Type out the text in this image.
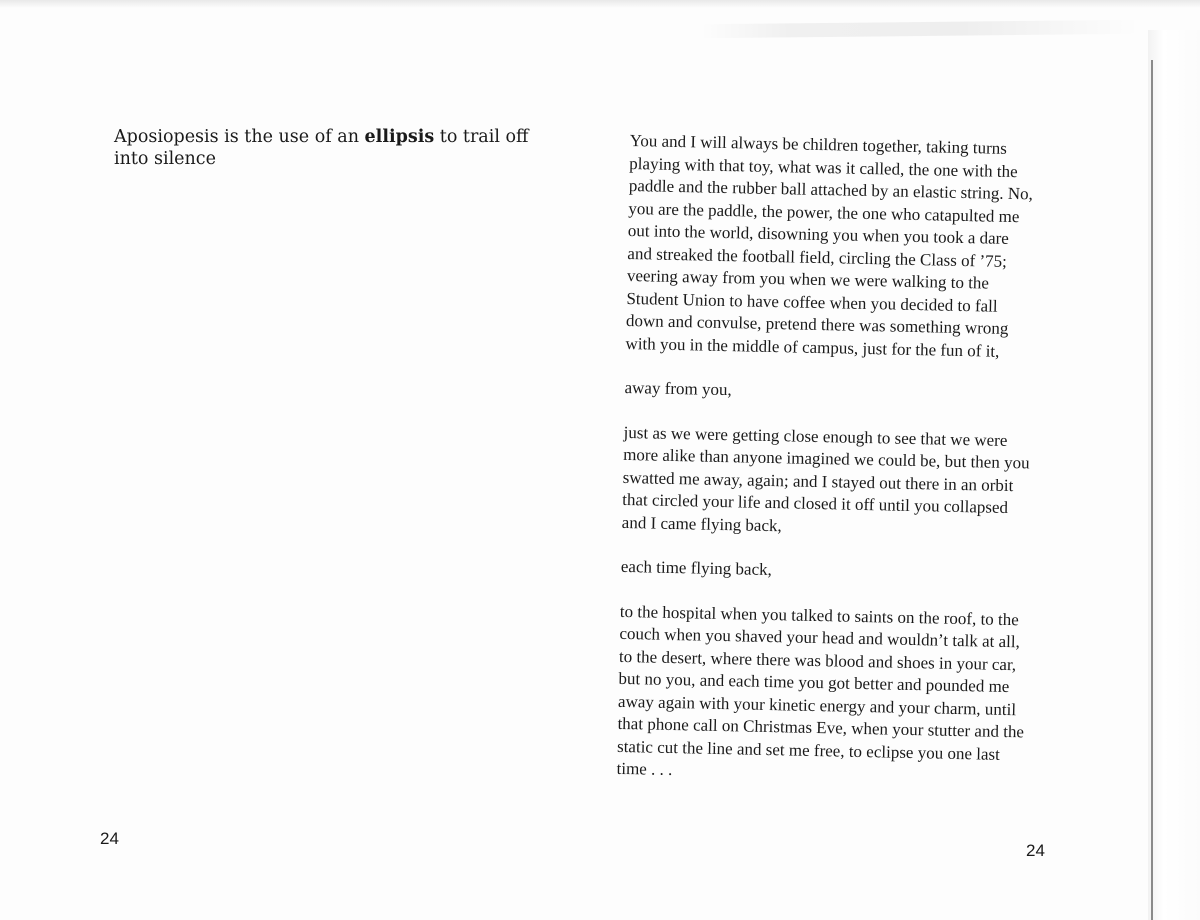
Aposiopesis is the use of an ellipsis to trail off
into silence

24

You and I will always be children together, taking turns
playing with that toy, what was it called, the one with the
paddle and the rubber ball attached by an elastic string. No,
you are the paddle, the power, the one who catapulted me
out into the world, disowning you when you took a dare
and streaked the football field, circling the Class of ’75;
veering away from you when we were walking to the
Student Union to have coffee when you decided to fall
down and convulse, pretend there was something wrong
with you in the middle of campus, just for the fun of it,

away from you,

just as we were getting close enough to see that we were
more alike than anyone imagined we could be, but then you
swatted me away, again; and I stayed out there in an orbit
that circled your life and closed it off until you collapsed
and I came flying back,

each time flying back,

to the hospital when you talked to saints on the roof, to the
couch when you shaved your head and wouldn’t talk at all,
to the desert, where there was blood and shoes in your car,
but no you, and each time you got better and pounded me
away again with your kinetic energy and your charm, until
that phone call on Christmas Eve, when your stutter and the
static cut the line and set me free, to eclipse you one last
time . . .

24
